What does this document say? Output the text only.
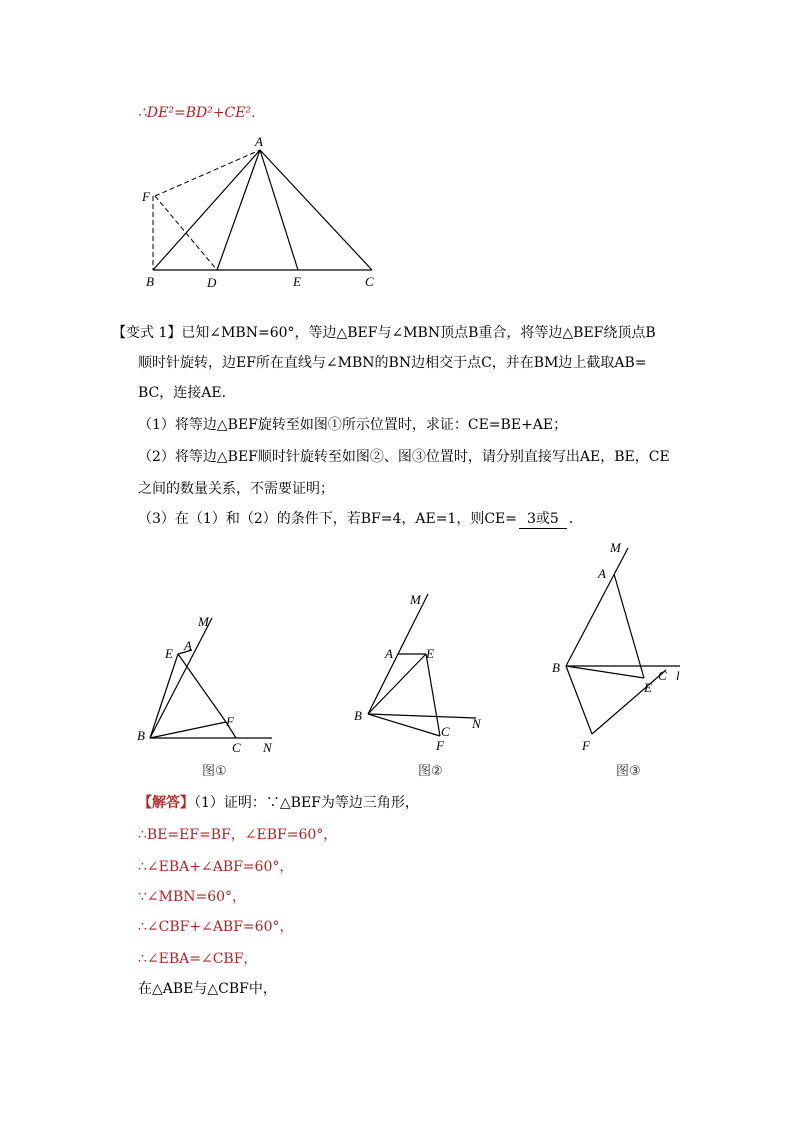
∴DE²=BD²+CE².
A
F
B	D	E	C
【变式 1】已知∠MBN=60°，等边△BEF与∠MBN顶点B重合，将等边△BEF绕顶点B
顺时针旋转，边EF所在直线与∠MBN的BN边相交于点C，并在BM边上截取AB=
BC，连接AE．
（1）将等边△BEF旋转至如图①所示位置时，求证：CE=BE+AE；
（2）将等边△BEF顺时针旋转至如图②、图③位置时，请分别直接写出AE，BE，CE
之间的数量关系，不需要证明；
（3）在（1）和（2）的条件下，若BF=4，AE=1，则CE= 3或5 ．
M
E
A
F
B
C N
图①
M
A	E
B
N
C
F
图②
M
A
B
C l
E
F
图③
【解答】（1）证明：∵△BEF为等边三角形，
∴BE=EF=BF，∠EBF=60°，
∴∠EBA+∠ABF=60°，
∵∠MBN=60°，
∴∠CBF+∠ABF=60°，
∴∠EBA=∠CBF，
在△ABE与△CBF中，
